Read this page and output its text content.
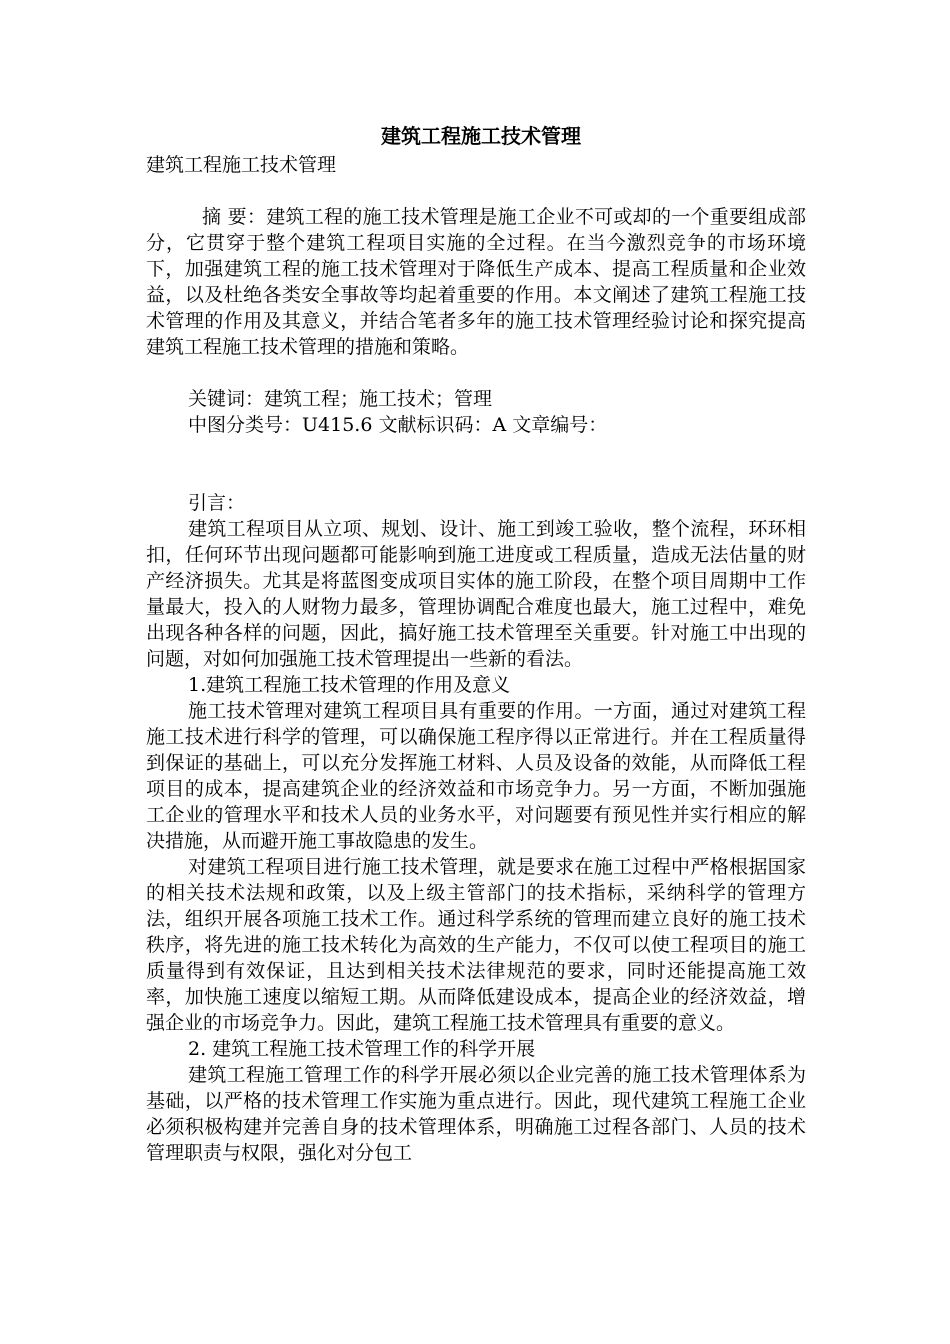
建筑工程施工技术管理

建筑工程施工技术管理

摘 要：建筑工程的施工技术管理是施工企业不可或却的一个重要组成部分，它贯穿于整个建筑工程项目实施的全过程。在当今激烈竞争的市场环境下，加强建筑工程的施工技术管理对于降低生产成本、提高工程质量和企业效益，以及杜绝各类安全事故等均起着重要的作用。本文阐述了建筑工程施工技术管理的作用及其意义，并结合笔者多年的施工技术管理经验讨论和探究提高建筑工程施工技术管理的措施和策略。

关键词：建筑工程；施工技术；管理

中图分类号：U415.6 文献标识码：A 文章编号：

引言：

建筑工程项目从立项、规划、设计、施工到竣工验收，整个流程，环环相扣，任何环节出现问题都可能影响到施工进度或工程质量，造成无法估量的财产经济损失。尤其是将蓝图变成项目实体的施工阶段，在整个项目周期中工作量最大，投入的人财物力最多，管理协调配合难度也最大，施工过程中，难免出现各种各样的问题，因此，搞好施工技术管理至关重要。针对施工中出现的问题，对如何加强施工技术管理提出一些新的看法。

1.建筑工程施工技术管理的作用及意义

施工技术管理对建筑工程项目具有重要的作用。一方面，通过对建筑工程施工技术进行科学的管理，可以确保施工程序得以正常进行。并在工程质量得到保证的基础上，可以充分发挥施工材料、人员及设备的效能，从而降低工程项目的成本，提高建筑企业的经济效益和市场竞争力。另一方面，不断加强施工企业的管理水平和技术人员的业务水平，对问题要有预见性并实行相应的解决措施，从而避开施工事故隐患的发生。

对建筑工程项目进行施工技术管理，就是要求在施工过程中严格根据国家的相关技术法规和政策，以及上级主管部门的技术指标，采纳科学的管理方法，组织开展各项施工技术工作。通过科学系统的管理而建立良好的施工技术秩序，将先进的施工技术转化为高效的生产能力，不仅可以使工程项目的施工质量得到有效保证，且达到相关技术法律规范的要求，同时还能提高施工效率，加快施工速度以缩短工期。从而降低建设成本，提高企业的经济效益，增强企业的市场竞争力。因此，建筑工程施工技术管理具有重要的意义。

2. 建筑工程施工技术管理工作的科学开展

建筑工程施工管理工作的科学开展必须以企业完善的施工技术管理体系为基础，以严格的技术管理工作实施为重点进行。因此，现代建筑工程施工企业必须积极构建并完善自身的技术管理体系，明确施工过程各部门、人员的技术管理职责与权限，强化对分包工
